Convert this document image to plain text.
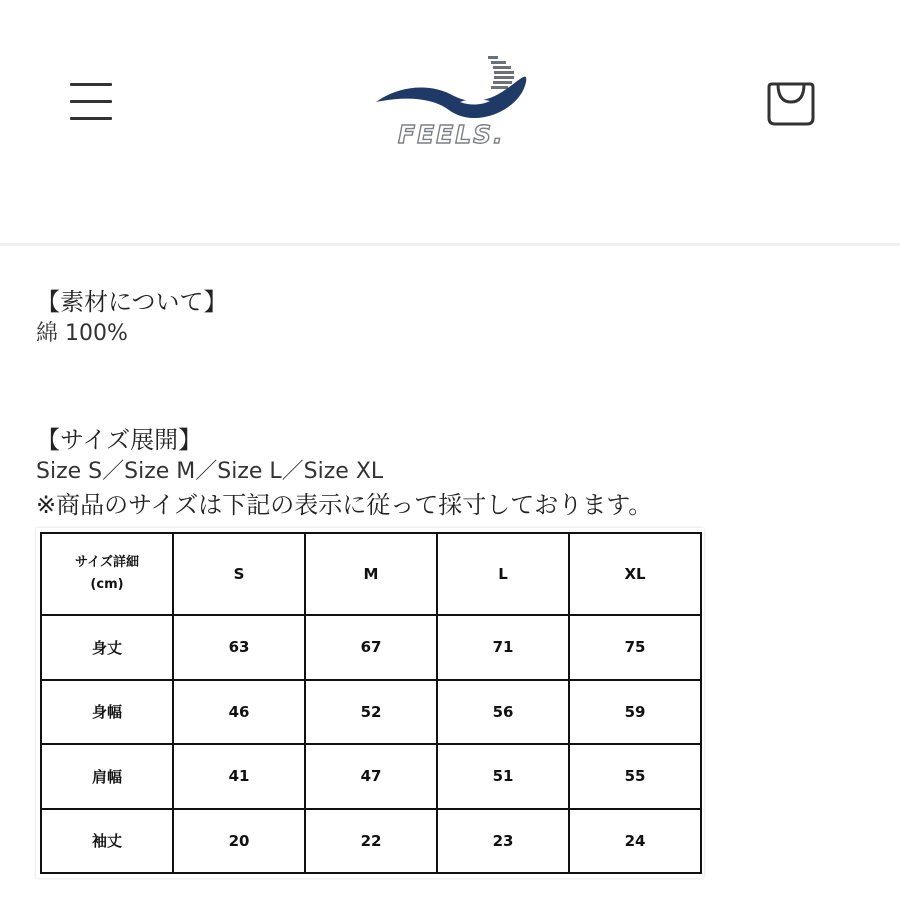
FEELS.
【素材について】
綿 100%
【サイズ展開】
Size S／Size M／Size L／Size XL
※商品のサイズは下記の表示に従って採寸しております。
サイズ詳細
(cm)	S	M	L	XL
身丈	63	67	71	75
身幅	46	52	56	59
肩幅	41	47	51	55
袖丈	20	22	23	24
